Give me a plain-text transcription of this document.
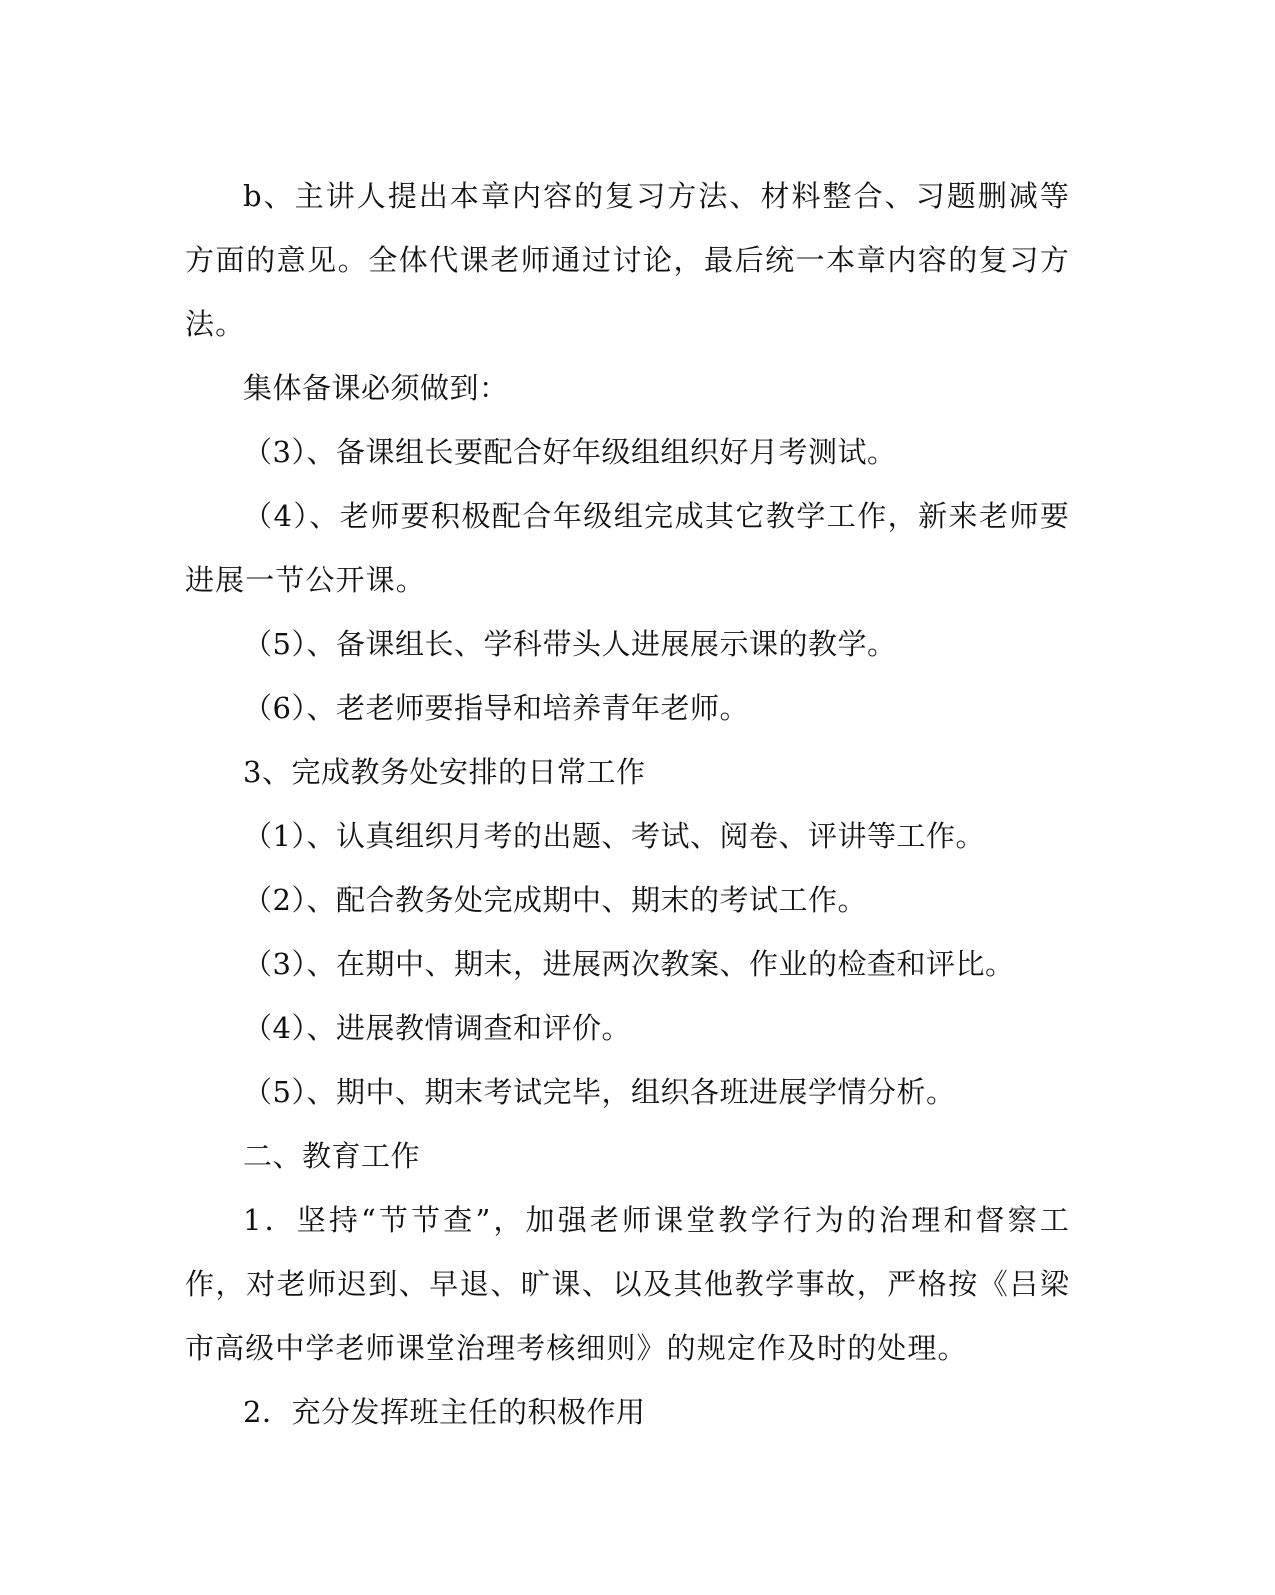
b、主讲人提出本章内容的复习方法、材料整合、习题删减等方面的意见。全体代课老师通过讨论，最后统一本章内容的复习方法。

集体备课必须做到：

（3）、备课组长要配合好年级组组织好月考测试。

（4）、老师要积极配合年级组完成其它教学工作，新来老师要进展一节公开课。

（5）、备课组长、学科带头人进展展示课的教学。

（6）、老老师要指导和培养青年老师。

3、完成教务处安排的日常工作

（1）、认真组织月考的出题、考试、阅卷、评讲等工作。

（2）、配合教务处完成期中、期末的考试工作。

（3）、在期中、期末，进展两次教案、作业的检查和评比。

（4）、进展教情调查和评价。

（5）、期中、期末考试完毕，组织各班进展学情分析。

二、教育工作

1．坚持“节节查”，加强老师课堂教学行为的治理和督察工作，对老师迟到、早退、旷课、以及其他教学事故，严格按《吕梁市高级中学老师课堂治理考核细则》的规定作及时的处理。

2．充分发挥班主任的积极作用
